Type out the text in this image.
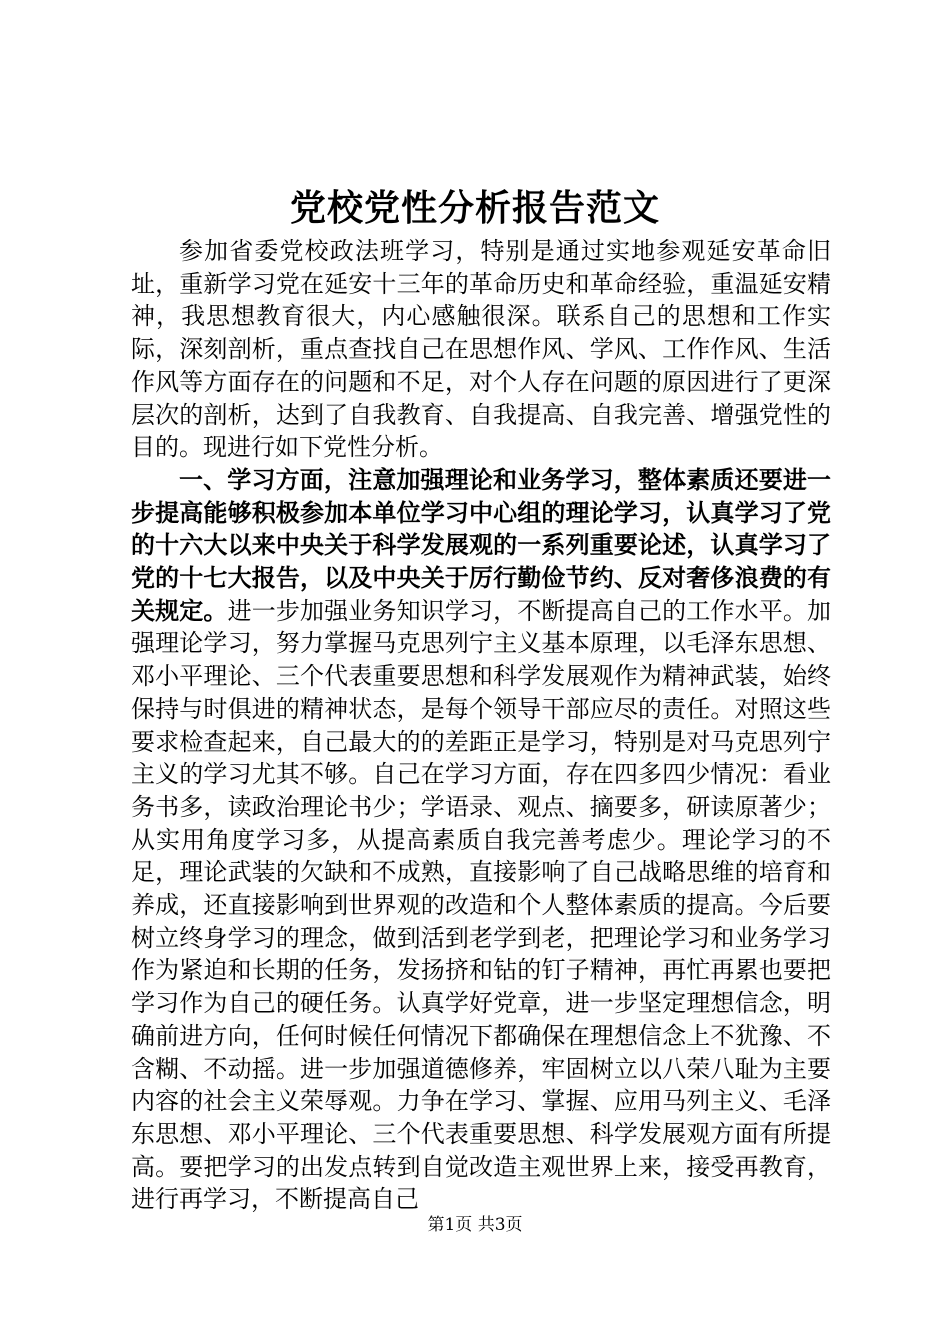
党校党性分析报告范文

参加省委党校政法班学习，特别是通过实地参观延安革命旧址，重新学习党在延安十三年的革命历史和革命经验，重温延安精神，我思想教育很大，内心感触很深。联系自己的思想和工作实际，深刻剖析，重点查找自己在思想作风、学风、工作作风、生活作风等方面存在的问题和不足，对个人存在问题的原因进行了更深层次的剖析，达到了自我教育、自我提高、自我完善、增强党性的目的。现进行如下党性分析。

一、学习方面，注意加强理论和业务学习，整体素质还要进一步提高能够积极参加本单位学习中心组的理论学习，认真学习了党的十六大以来中央关于科学发展观的一系列重要论述，认真学习了党的十七大报告，以及中央关于厉行勤俭节约、反对奢侈浪费的有关规定。进一步加强业务知识学习，不断提高自己的工作水平。加强理论学习，努力掌握马克思列宁主义基本原理，以毛泽东思想、邓小平理论、三个代表重要思想和科学发展观作为精神武装，始终保持与时俱进的精神状态，是每个领导干部应尽的责任。对照这些要求检查起来，自己最大的的差距正是学习，特别是对马克思列宁主义的学习尤其不够。自己在学习方面，存在四多四少情况：看业务书多，读政治理论书少；学语录、观点、摘要多，研读原著少；从实用角度学习多，从提高素质自我完善考虑少。理论学习的不足，理论武装的欠缺和不成熟，直接影响了自己战略思维的培育和养成，还直接影响到世界观的改造和个人整体素质的提高。今后要树立终身学习的理念，做到活到老学到老，把理论学习和业务学习作为紧迫和长期的任务，发扬挤和钻的钉子精神，再忙再累也要把学习作为自己的硬任务。认真学好党章，进一步坚定理想信念，明确前进方向，任何时候任何情况下都确保在理想信念上不犹豫、不含糊、不动摇。进一步加强道德修养，牢固树立以八荣八耻为主要内容的社会主义荣辱观。力争在学习、掌握、应用马列主义、毛泽东思想、邓小平理论、三个代表重要思想、科学发展观方面有所提高。要把学习的出发点转到自觉改造主观世界上来，接受再教育，进行再学习，不断提高自己

第1页 共3页
